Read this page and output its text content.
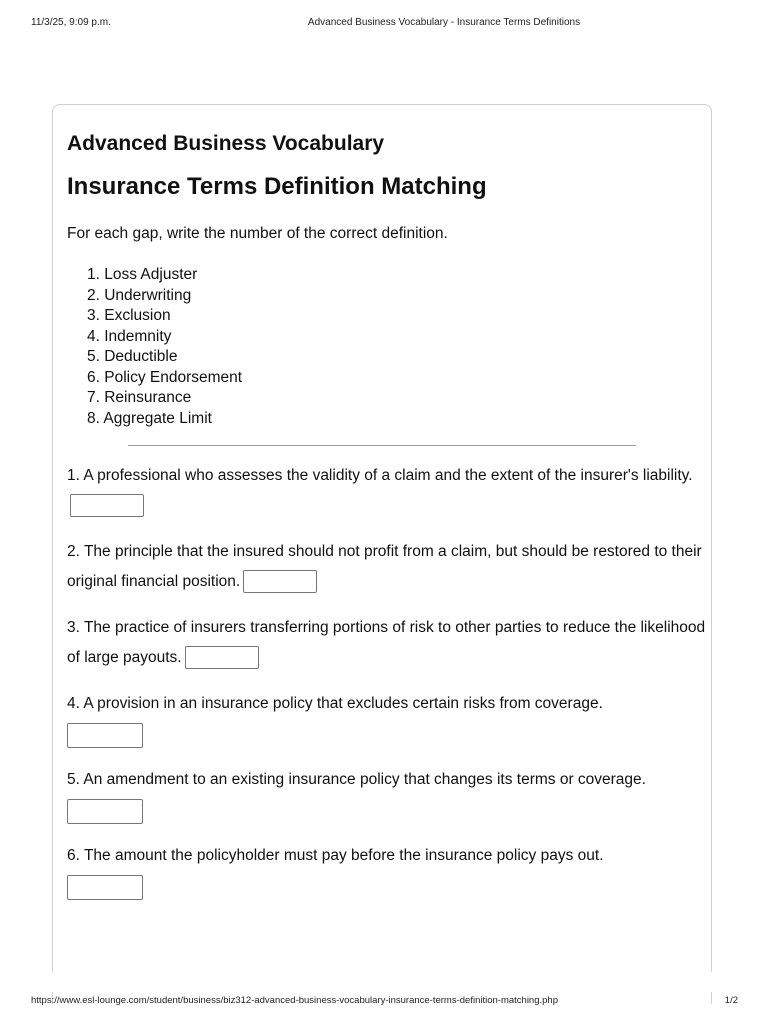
11/3/25, 9:09 p.m.	Advanced Business Vocabulary - Insurance Terms Definitions
Advanced Business Vocabulary
Insurance Terms Definition Matching

For each gap, write the number of the correct definition.

1. Loss Adjuster
2. Underwriting
3. Exclusion
4. Indemnity
5. Deductible
6. Policy Endorsement
7. Reinsurance
8. Aggregate Limit

1. A professional who assesses the validity of a claim and the extent of the insurer's liability.

2. The principle that the insured should not profit from a claim, but should be restored to their original financial position.

3. The practice of insurers transferring portions of risk to other parties to reduce the likelihood of large payouts.

4. A provision in an insurance policy that excludes certain risks from coverage.

5. An amendment to an existing insurance policy that changes its terms or coverage.

6. The amount the policyholder must pay before the insurance policy pays out.

https://www.esl-lounge.com/student/business/biz312-advanced-business-vocabulary-insurance-terms-definition-matching.php	1/2
